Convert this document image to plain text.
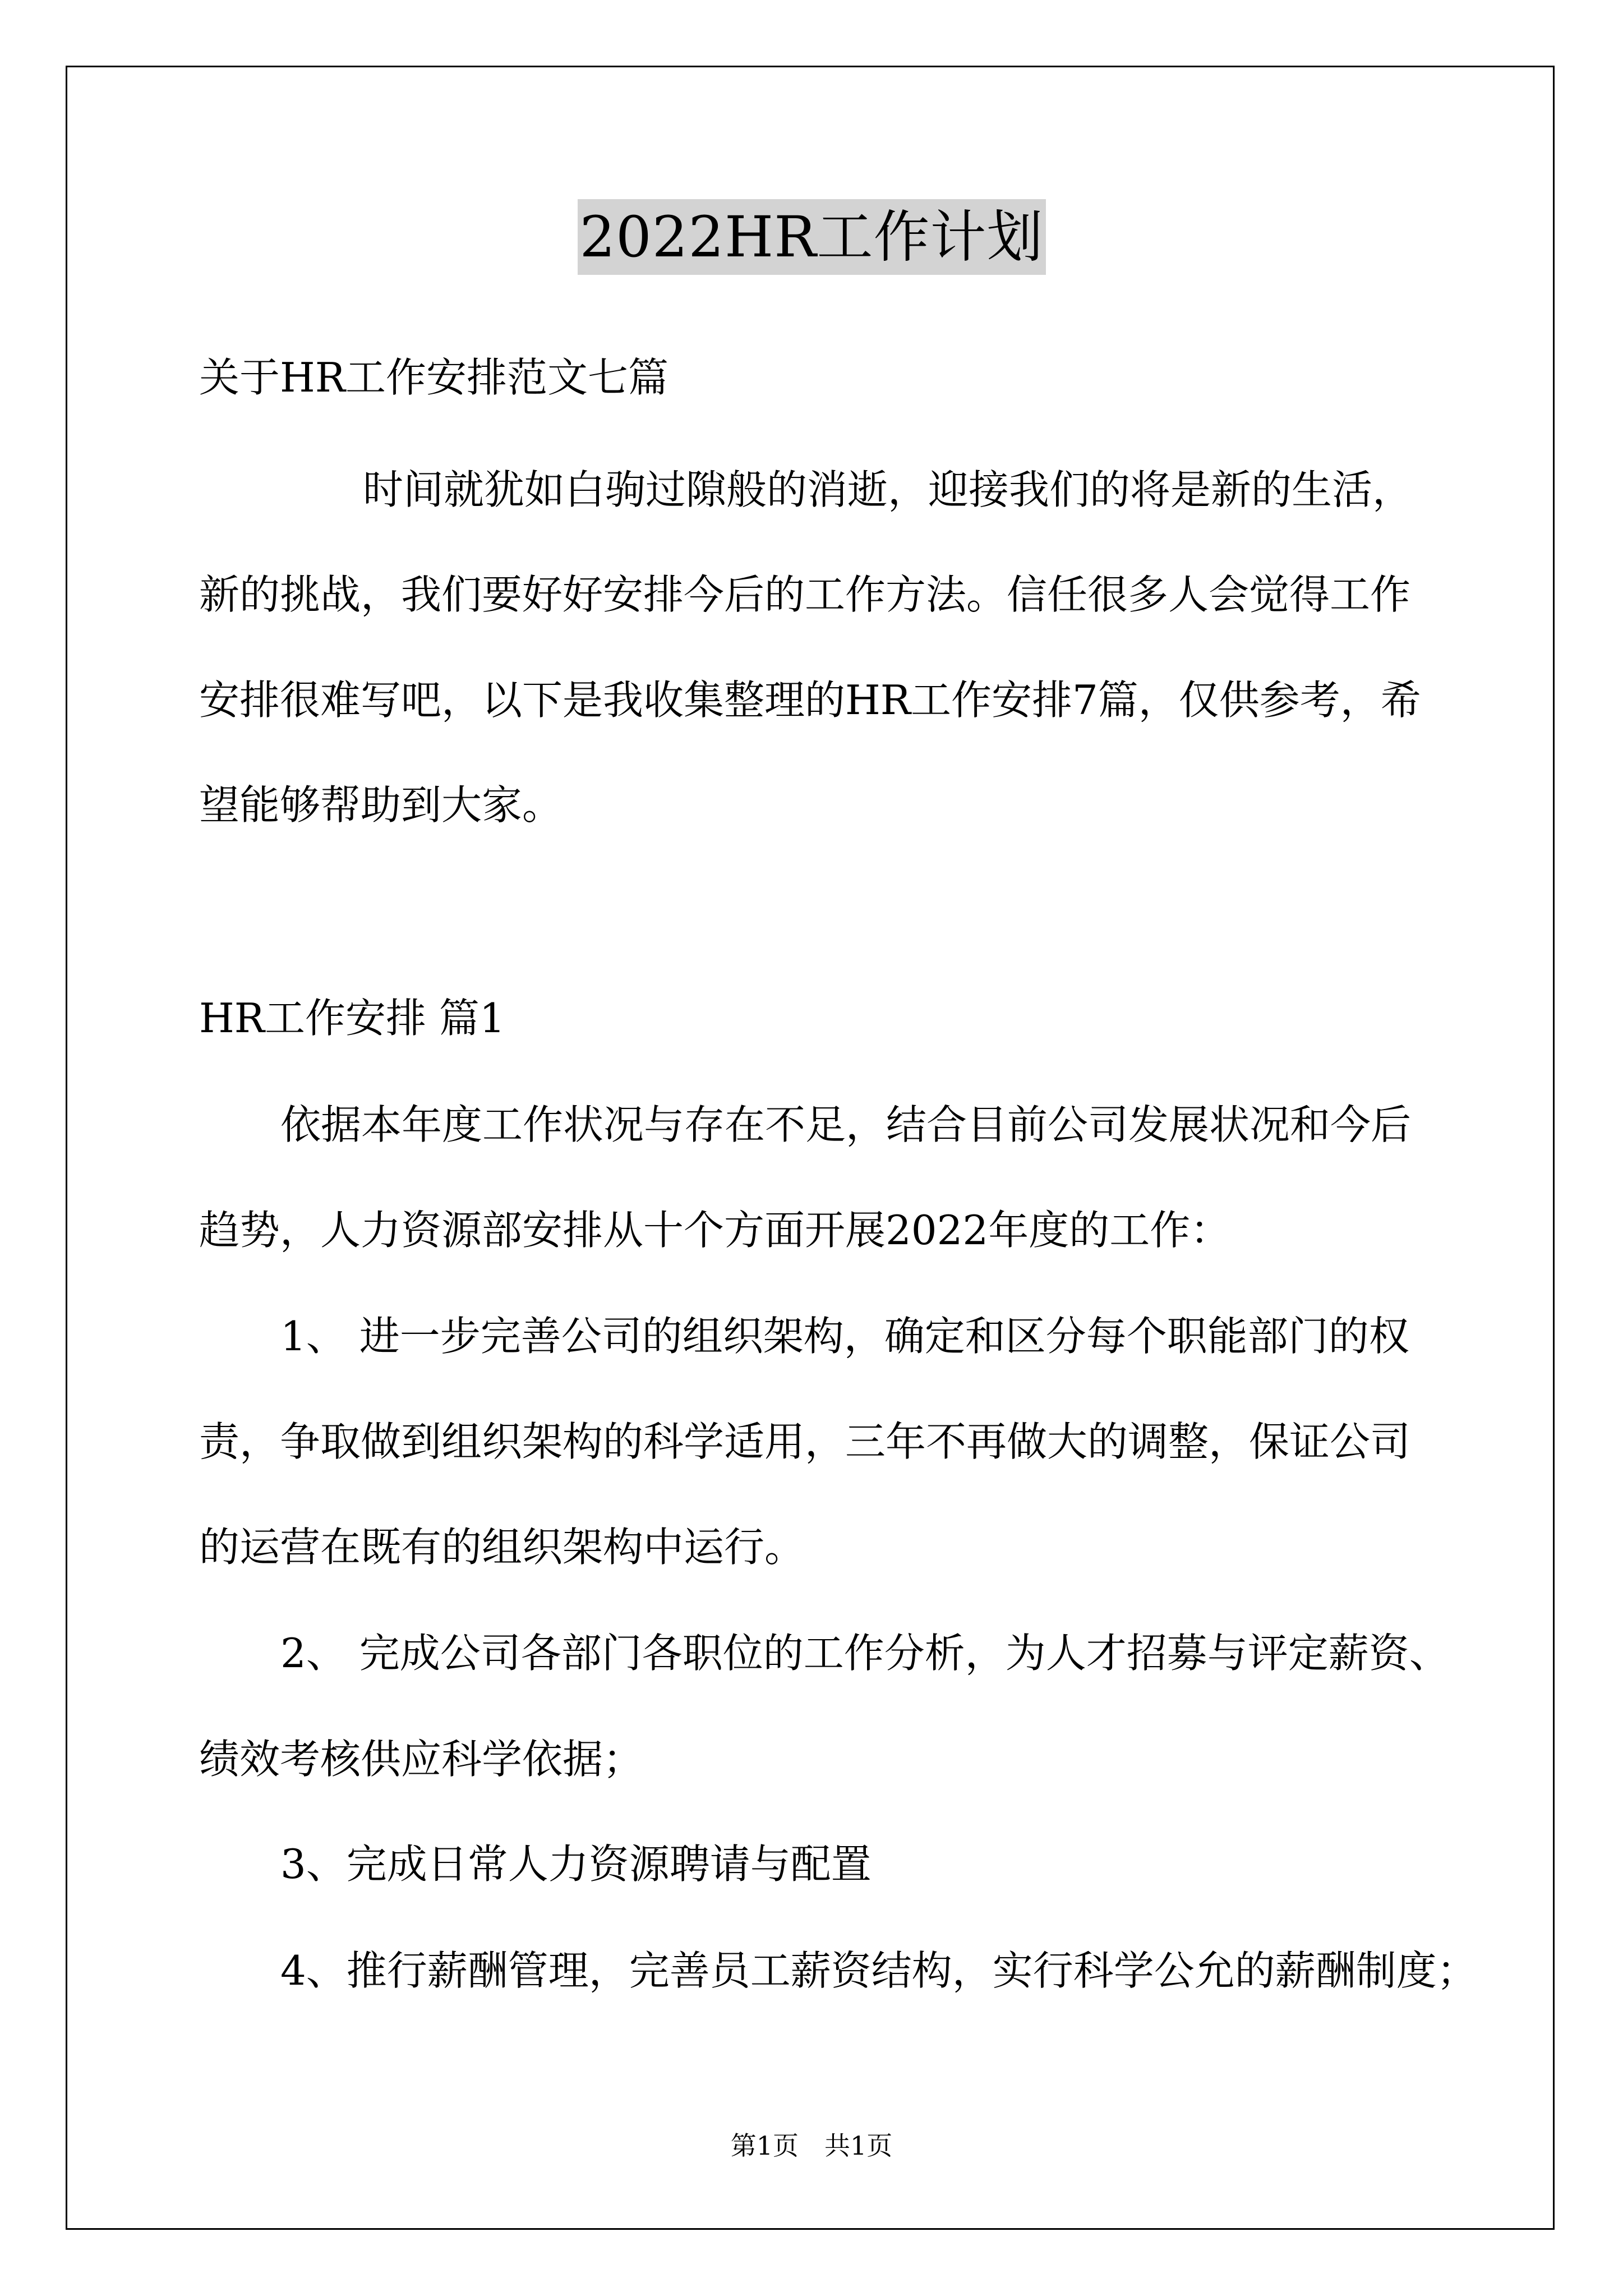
2022HR工作计划
关于HR工作安排范文七篇
时间就犹如白驹过隙般的消逝，迎接我们的将是新的生活，
新的挑战，我们要好好安排今后的工作方法。信任很多人会觉得工作
安排很难写吧，以下是我收集整理的HR工作安排7篇，仅供参考，希
望能够帮助到大家。
HR工作安排 篇1
依据本年度工作状况与存在不足，结合目前公司发展状况和今后
趋势，人力资源部安排从十个方面开展2022年度的工作：
1、 进一步完善公司的组织架构，确定和区分每个职能部门的权
责，争取做到组织架构的科学适用，三年不再做大的调整，保证公司
的运营在既有的组织架构中运行。
2、 完成公司各部门各职位的工作分析，为人才招募与评定薪资、
绩效考核供应科学依据；
3、完成日常人力资源聘请与配置
4、推行薪酬管理，完善员工薪资结构，实行科学公允的薪酬制度；
第1页　共1页
